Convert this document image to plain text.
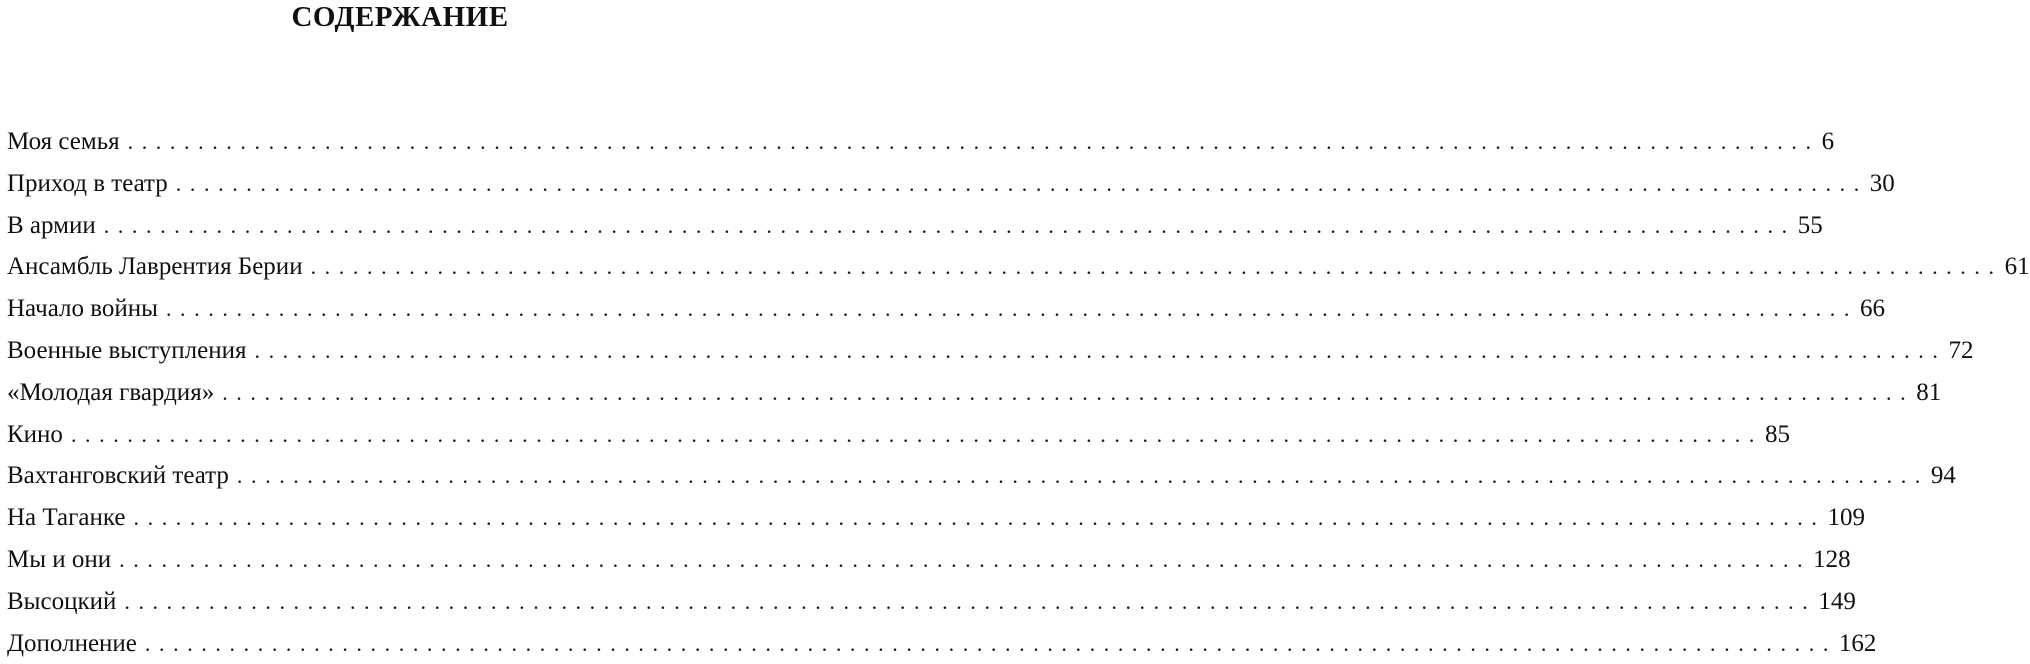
СОДЕРЖАНИЕ
Моя семья ........................................................................................................................ 6
Приход в театр ........................................................................................................................ 30
В армии ........................................................................................................................ 55
Ансамбль Лаврентия Берии ........................................................................................................................ 61
Начало войны ........................................................................................................................ 66
Военные выступления ........................................................................................................................ 72
«Молодая гвардия» ........................................................................................................................ 81
Кино ........................................................................................................................ 85
Вахтанговский театр ........................................................................................................................ 94
На Таганке ........................................................................................................................ 109
Мы и они ........................................................................................................................ 128
Высоцкий ........................................................................................................................ 149
Дополнение ........................................................................................................................ 162
